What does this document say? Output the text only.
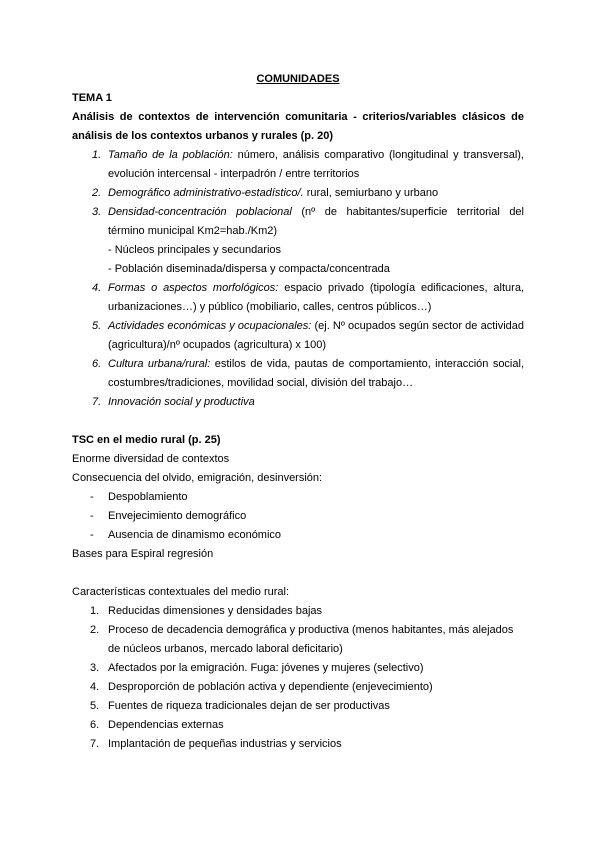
COMUNIDADES

TEMA 1

Análisis de contextos de intervención comunitaria - criterios/variables clásicos de análisis de los contextos urbanos y rurales (p. 20)

1. Tamaño de la población: número, análisis comparativo (longitudinal y transversal), evolución intercensal - interpadrón / entre territorios
2. Demográfico administrativo-estadístico/. rural, semiurbano y urbano
3. Densidad-concentración poblacional (nº de habitantes/superficie territorial del término municipal Km2=hab./Km2)
- Núcleos principales y secundarios
- Población diseminada/dispersa y compacta/concentrada
4. Formas o aspectos morfológicos: espacio privado (tipología edificaciones, altura, urbanizaciones…) y público (mobiliario, calles, centros públicos…)
5. Actividades económicas y ocupacionales: (ej. Nº ocupados según sector de actividad (agricultura)/nº ocupados (agricultura) x 100)
6. Cultura urbana/rural: estilos de vida, pautas de comportamiento, interacción social, costumbres/tradiciones, movilidad social, división del trabajo…
7. Innovación social y productiva

TSC en el medio rural (p. 25)

Enorme diversidad de contextos

Consecuencia del olvido, emigración, desinversión:

- Despoblamiento
- Envejecimiento demográfico
- Ausencia de dinamismo económico

Bases para Espiral regresión

Características contextuales del medio rural:

1. Reducidas dimensiones y densidades bajas
2. Proceso de decadencia demográfica y productiva (menos habitantes, más alejados de núcleos urbanos, mercado laboral deficitario)
3. Afectados por la emigración. Fuga: jóvenes y mujeres (selectivo)
4. Desproporción de población activa y dependiente (enjevecimiento)
5. Fuentes de riqueza tradicionales dejan de ser productivas
6. Dependencias externas
7. Implantación de pequeñas industrias y servicios
